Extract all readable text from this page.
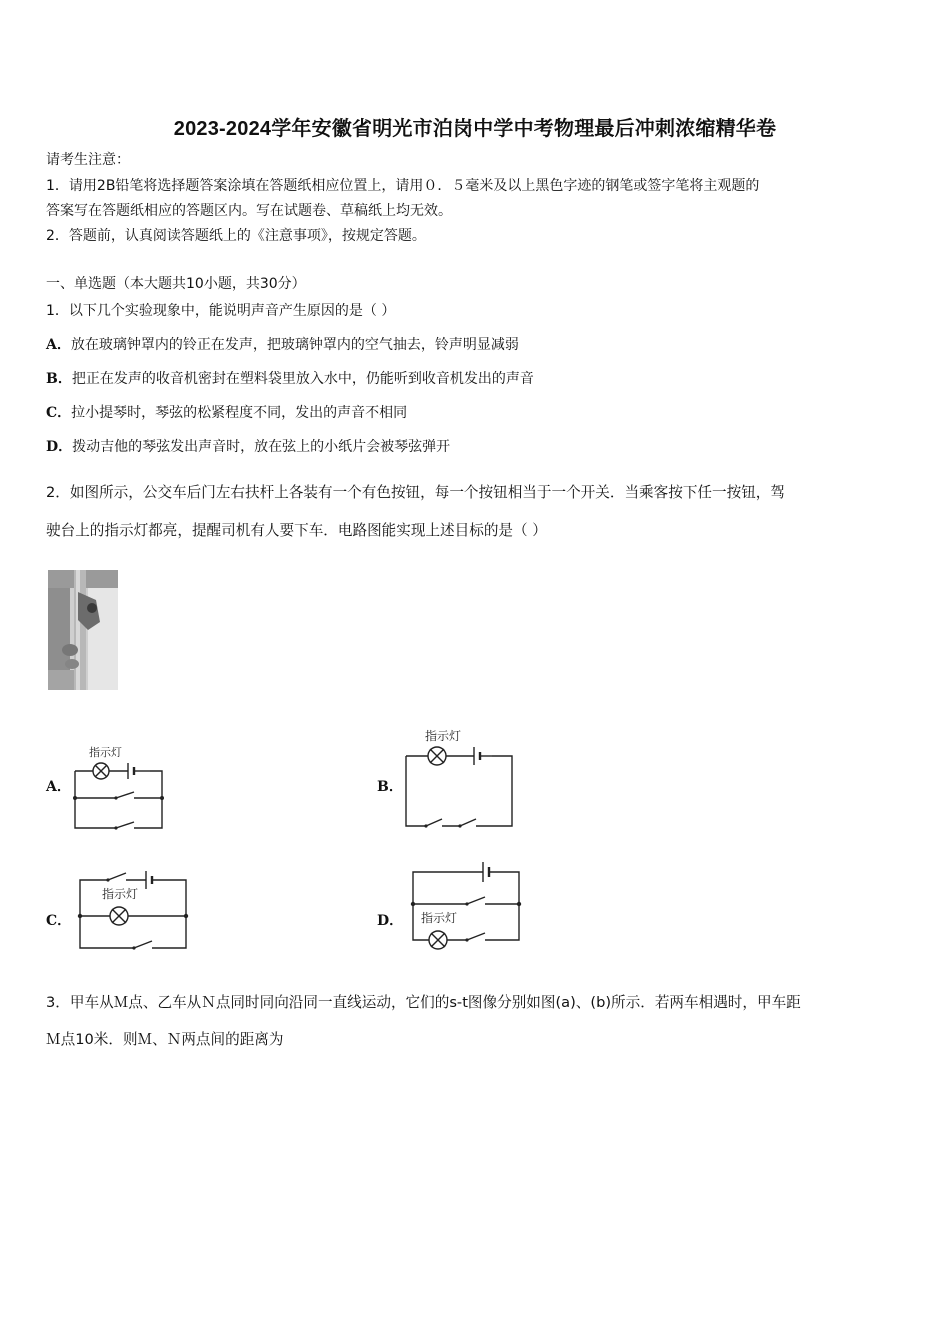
2023-2024学年安徽省明光市泊岗中学中考物理最后冲刺浓缩精华卷
请考生注意：
1．请用2B铅笔将选择题答案涂填在答题纸相应位置上，请用０．５毫米及以上黑色字迹的钢笔或签字笔将主观题的
答案写在答题纸相应的答题区内。写在试题卷、草稿纸上均无效。
2．答题前，认真阅读答题纸上的《注意事项》，按规定答题。
一、单选题（本大题共10小题，共30分）
1．以下几个实验现象中，能说明声音产生原因的是（ ）
A．放在玻璃钟罩内的铃正在发声，把玻璃钟罩内的空气抽去，铃声明显减弱
B．把正在发声的收音机密封在塑料袋里放入水中，仍能听到收音机发出的声音
C．拉小提琴时，琴弦的松紧程度不同，发出的声音不相同
D．拨动吉他的琴弦发出声音时，放在弦上的小纸片会被琴弦弹开
2．如图所示，公交车后门左右扶杆上各装有一个有色按钮，每一个按钮相当于一个开关．当乘客按下任一按钮，驾
驶台上的指示灯都亮，提醒司机有人要下车．电路图能实现上述目标的是（ ）
A．	B．
C．	D．
指示灯
指示灯
指示灯
指示灯
3．甲车从Ｍ点、乙车从Ｎ点同时同向沿同一直线运动，它们的s-t图像分别如图(a)、(b)所示．若两车相遇时，甲车距
Ｍ点10米．则Ｍ、Ｎ两点间的距离为
